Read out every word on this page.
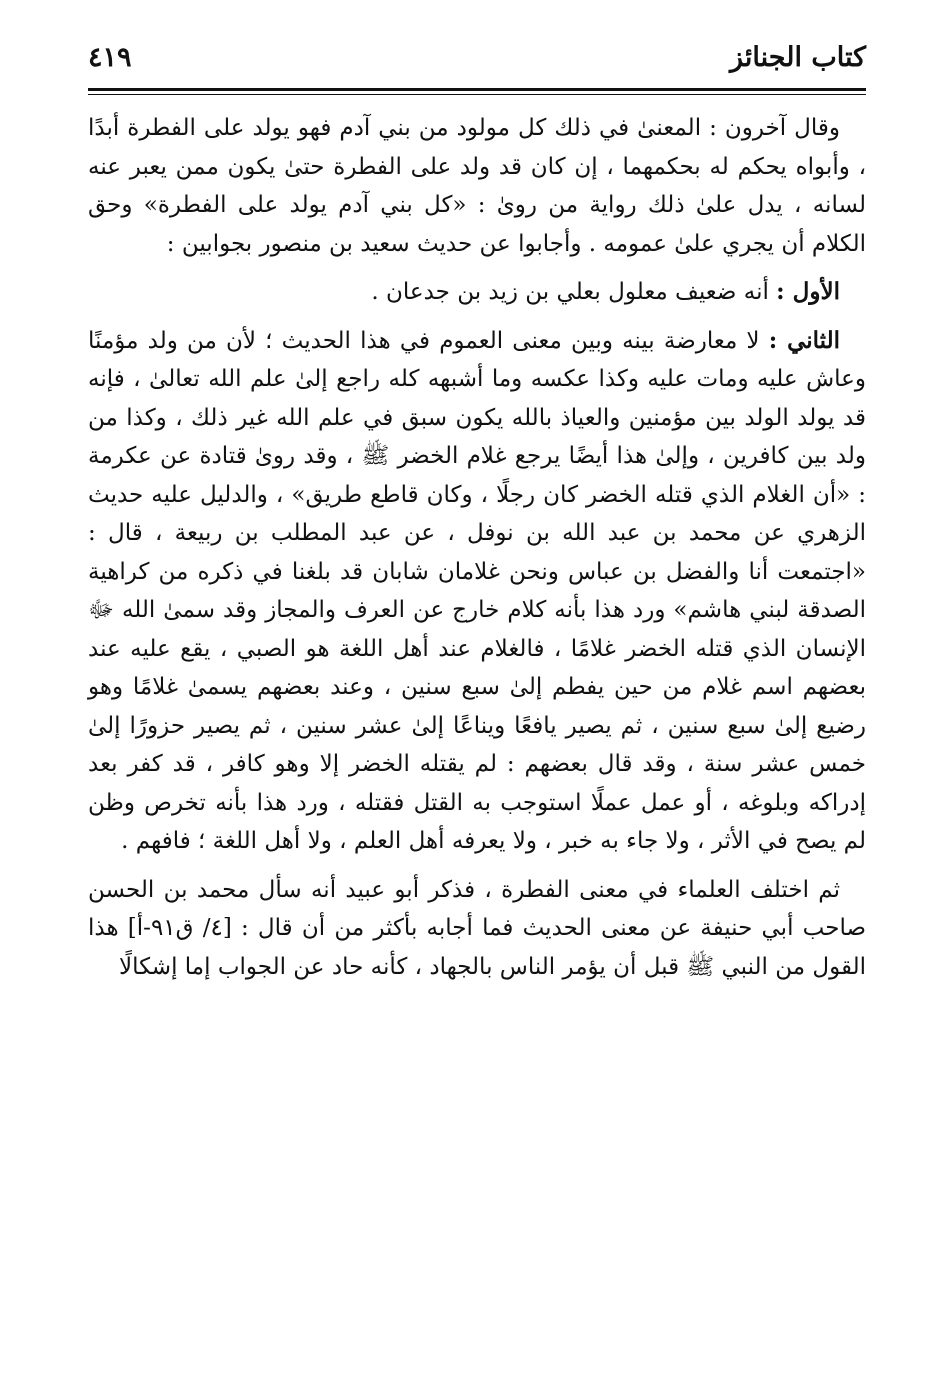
كتاب الجنائز
٤١٩

وقال آخرون : المعنىٰ في ذلك كل مولود من بني آدم فهو يولد على الفطرة أبدًا ، وأبواه يحكم له بحكمهما ، إن كان قد ولد على الفطرة حتىٰ يكون ممن يعبر عنه لسانه ، يدل علىٰ ذلك رواية من روىٰ : «كل بني آدم يولد على الفطرة» وحق الكلام أن يجري علىٰ عمومه . وأجابوا عن حديث سعيد بن منصور بجوابين :

الأول : أنه ضعيف معلول بعلي بن زيد بن جدعان .

الثاني : لا معارضة بينه وبين معنى العموم في هذا الحديث ؛ لأن من ولد مؤمنًا وعاش عليه ومات عليه وكذا عكسه وما أشبهه كله راجع إلىٰ علم الله تعالىٰ ، فإنه قد يولد الولد بين مؤمنين والعياذ بالله يكون سبق في علم الله غير ذلك ، وكذا من ولد بين كافرين ، وإلىٰ هذا أيضًا يرجع غلام الخضر ﷺ ، وقد روىٰ قتادة عن عكرمة : «أن الغلام الذي قتله الخضر كان رجلًا ، وكان قاطع طريق» ، والدليل عليه حديث الزهري عن محمد بن عبد الله بن نوفل ، عن عبد المطلب بن ربيعة ، قال : «اجتمعت أنا والفضل بن عباس ونحن غلامان شابان قد بلغنا في ذكره من كراهية الصدقة لبني هاشم» ورد هذا بأنه كلام خارج عن العرف والمجاز وقد سمىٰ الله ﷻ الإنسان الذي قتله الخضر غلامًا ، فالغلام عند أهل اللغة هو الصبي ، يقع عليه عند بعضهم اسم غلام من حين يفطم إلىٰ سبع سنين ، وعند بعضهم يسمىٰ غلامًا وهو رضيع إلىٰ سبع سنين ، ثم يصير يافعًا ويناعًا إلىٰ عشر سنين ، ثم يصير حزورًا إلىٰ خمس عشر سنة ، وقد قال بعضهم : لم يقتله الخضر إلا وهو كافر ، قد كفر بعد إدراكه وبلوغه ، أو عمل عملًا استوجب به القتل فقتله ، ورد هذا بأنه تخرص وظن لم يصح في الأثر ، ولا جاء به خبر ، ولا يعرفه أهل العلم ، ولا أهل اللغة ؛ فافهم .

ثم اختلف العلماء في معنى الفطرة ، فذكر أبو عبيد أنه سأل محمد بن الحسن صاحب أبي حنيفة عن معنى الحديث فما أجابه بأكثر من أن قال : [٤/ ق٩١-أ] هذا القول من النبي ﷺ قبل أن يؤمر الناس بالجهاد ، كأنه حاد عن الجواب إما إشكالًا
